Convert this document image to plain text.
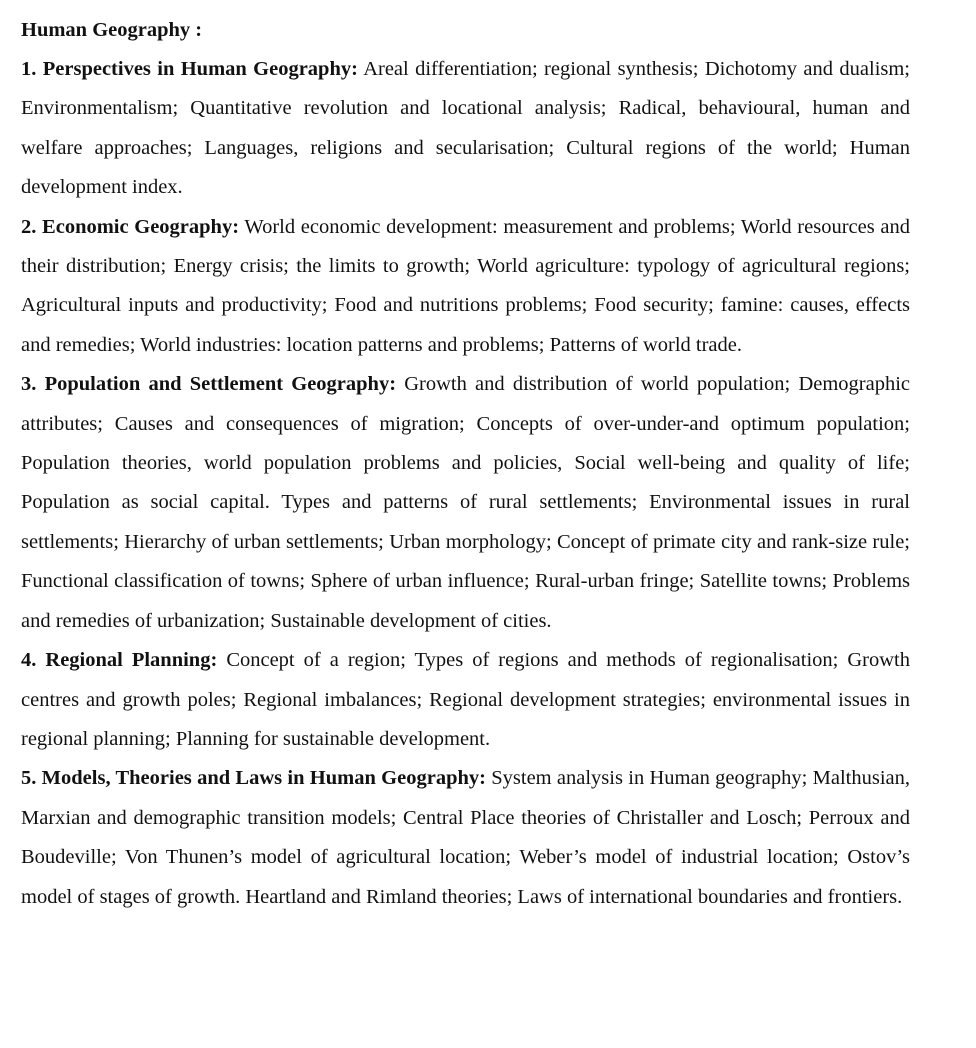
Human Geography :

1. Perspectives in Human Geography: Areal differentiation; regional synthesis; Dichotomy and dualism; Environmentalism; Quantitative revolution and locational analysis; Radical, behavioural, human and welfare approaches; Languages, religions and secularisation; Cultural regions of the world; Human development index.

2. Economic Geography: World economic development: measurement and problems; World resources and their distribution; Energy crisis; the limits to growth; World agriculture: typology of agricultural regions; Agricultural inputs and productivity; Food and nutritions problems; Food security; famine: causes, effects and remedies; World industries: location patterns and problems; Patterns of world trade.

3. Population and Settlement Geography: Growth and distribution of world population; Demographic attributes; Causes and consequences of migration; Concepts of over-under-and optimum population; Population theories, world population problems and policies, Social well-being and quality of life; Population as social capital. Types and patterns of rural settlements; Environmental issues in rural settlements; Hierarchy of urban settlements; Urban morphology; Concept of primate city and rank-size rule; Functional classification of towns; Sphere of urban influence; Rural-urban fringe; Satellite towns; Problems and remedies of urbanization; Sustainable development of cities.

4. Regional Planning: Concept of a region; Types of regions and methods of regionalisation; Growth centres and growth poles; Regional imbalances; Regional development strategies; environmental issues in regional planning; Planning for sustainable development.

5. Models, Theories and Laws in Human Geography: System analysis in Human geography; Malthusian, Marxian and demographic transition models; Central Place theories of Christaller and Losch; Perroux and Boudeville; Von Thunen’s model of agricultural location; Weber’s model of industrial location; Ostov’s model of stages of growth. Heartland and Rimland theories; Laws of international boundaries and frontiers.
